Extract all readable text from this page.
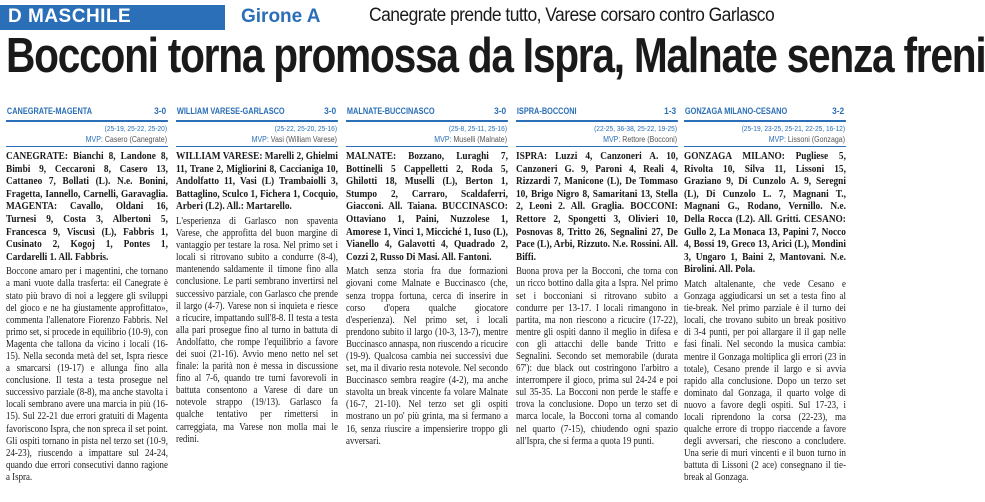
D MASCHILE	Girone A	Canegrate prende tutto, Varese corsaro contro Garlasco
Bocconi torna promossa da Ispra, Malnate senza freni
CANEGRATE-MAGENTA	3-0
(25-19, 25-22, 25-20)
MVP: Casero (Canegrate)
CANEGRATE: Bianchi 8, Landone 8, Bimbi 9, Ceccaroni 8, Casero 13, Cattaneo 7, Bollati (L). N.e. Bonini, Fragetta, Iannello, Carnelli, Garavaglia. MAGENTA: Cavallo, Oldani 16, Turnesi 9, Costa 3, Albertoni 5, Francesca 9, Viscusi (L), Fabbris 1, Cusinato 2, Kogoj 1, Pontes 1, Cardarelli 1. All. Fabbris.
Boccone amaro per i magentini, che tornano a mani vuote dalla trasferta: eil Canegrate è stato più bravo di noi a leggere gli sviluppi del gioco e ne ha giustamente approfittato», commenta l'allenatore Fiorenzo Fabbris. Nel primo set, si procede in equilibrio (10-9), con Magenta che tallona da vicino i locali (16-15). Nella seconda metà del set, Ispra riesce a smarcarsi (19-17) e allunga fino alla conclusione. Il testa a testa prosegue nel successivo parziale (8-8), ma anche stavolta i locali sembrano avere una marcia in più (16-15). Sul 22-21 due errori gratuiti di Magenta favoriscono Ispra, che non spreca il set point. Gli ospiti tornano in pista nel terzo set (10-9, 24-23), riuscendo a impattare sul 24-24, quando due errori consecutivi danno ragione a Ispra.
WILLIAM VARESE-GARLASCO	3-0
(25-22, 25-20, 25-16)
MVP: Vasi (William Varese)
WILLIAM VARESE: Marelli 2, Ghielmi 11, Trane 2, Migliorini 8, Caccianiga 10, Andolfatto 11, Vasi (L) Trambaiolli 3, Battaglino, Sculco 1, Fichera 1, Cocquio, Arberi (L2). All.: Martarello.
L'esperienza di Garlasco non spaventa Varese, che approfitta del buon margine di vantaggio per testare la rosa. Nel primo set i locali si ritrovano subito a condurre (8-4), mantenendo saldamente il timone fino alla conclusione. Le parti sembrano invertirsi nel successivo parziale, con Garlasco che prende il largo (4-7). Varese non si inquieta e riesce a ricucire, impattando sull'8-8. Il testa a testa alla pari prosegue fino al turno in battuta di Andolfatto, che rompe l'equilibrio a favore dei suoi (21-16). Avvio meno netto nel set finale: la parità non è messa in discussione fino al 7-6, quando tre turni favorevoli in battuta consentono a Varese di dare un notevole strappo (19/13). Garlasco fa qualche tentativo per rimettersi in carreggiata, ma Varese non molla mai le redini.
MALNATE-BUCCINASCO	3-0
(25-8, 25-11, 25-16)
MVP: Muselli (Malnate)
MALNATE: Bozzano, Luraghi 7, Bottinelli 5 Cappelletti 2, Roda 5, Ghilotti 18, Muselli (L), Berton 1, Stumpo 2, Carraro, Scaldaferri, Giacconi. All. Taiana. BUCCINASCO: Ottaviano 1, Paini, Nuzzolese 1, Amorese 1, Vinci 1, Micciché 1, Iuso (L), Vianello 4, Galavotti 4, Quadrado 2, Cozzi 2, Russo Di Masi. All. Fantoni.
Match senza storia fra due formazioni giovani come Malnate e Buccinasco (che, senza troppa fortuna, cerca di inserire in corso d'opera qualche giocatore d'esperienza). Nel primo set, i locali prendono subito il largo (10-3, 13-7), mentre Buccinasco annaspa, non riuscendo a ricucire (19-9). Qualcosa cambia nei successivi due set, ma il divario resta notevole. Nel secondo Buccinasco sembra reagire (4-2), ma anche stavolta un break vincente fa volare Malnate (16-7, 21-10). Nel terzo set gli ospiti mostrano un po' più grinta, ma si fermano a 16, senza riuscire a impensierire troppo gli avversari.
ISPRA-BOCCONI	1-3
(22-25, 36-38, 25-22, 19-25)
MVP: Rettore (Bocconi)
ISPRA: Luzzi 4, Canzoneri A. 10, Canzoneri G. 9, Paroni 4, Reali 4, Rizzardi 7, Manicone (L), De Tommaso 10, Brigo Nigro 8, Samaritani 13, Stella 2, Leoni 2. All. Graglia. BOCCONI: Rettore 2, Spongetti 3, Olivieri 10, Posnovas 8, Tritto 26, Segnalini 27, De Pace (L), Arbi, Rizzuto. N.e. Rossini. All. Biffi.
Buona prova per la Bocconi, che torna con un ricco bottino dalla gita a Ispra. Nel primo set i bocconiani si ritrovano subito a condurre per 13-17. I locali rimangono in partita, ma non riescono a ricucire (17-22), mentre gli ospiti danno il meglio in difesa e con gli attacchi delle bande Tritto e Segnalini. Secondo set memorabile (durata 67'): due black out costringono l'arbitro a interrompere il gioco, prima sul 24-24 e poi sul 35-35. La Bocconi non perde le staffe e trova la conclusione. Dopo un terzo set di marca locale, la Bocconi torna al comando nel quarto (7-15), chiudendo ogni spazio all'Ispra, che si ferma a quota 19 punti.
GONZAGA MILANO-CESANO	3-2
(25-19, 23-25, 25-21, 22-25, 16-12)
MVP: Lissoni (Gonzaga)
GONZAGA MILANO: Pugliese 5, Rivolta 10, Silva 11, Lissoni 15, Graziano 9, Di Cunzolo A. 9, Seregni (L), Di Cunzolo L. 7, Magnani T., Magnani G., Rodano, Vernillo. N.e. Della Rocca (L2). All. Gritti. CESANO: Gullo 2, La Monaca 13, Papini 7, Nocco 4, Bossi 19, Greco 13, Arici (L), Mondini 3, Ungaro 1, Baini 2, Mantovani. N.e. Birolini. All. Pola.
Match altalenante, che vede Cesano e Gonzaga aggiudicarsi un set a testa fino al tie-break. Nel primo parziale è il turno dei locali, che trovano subito un break positivo di 3-4 punti, per poi allargare il il gap nelle fasi finali. Nel secondo la musica cambia: mentre il Gonzaga moltiplica gli errori (23 in totale), Cesano prende il largo e si avvia rapido alla conclusione. Dopo un terzo set dominato dal Gonzaga, il quarto volge di nuovo a favore degli ospiti. Sul 17-23, i locali riprendono la corsa (22-23), ma qualche errore di troppo riaccende a favore degli avversari, che riescono a concludere. Una serie di muri vincenti e il buon turno in battuta di Lissoni (2 ace) consegnano il tie-break al Gonzaga.
